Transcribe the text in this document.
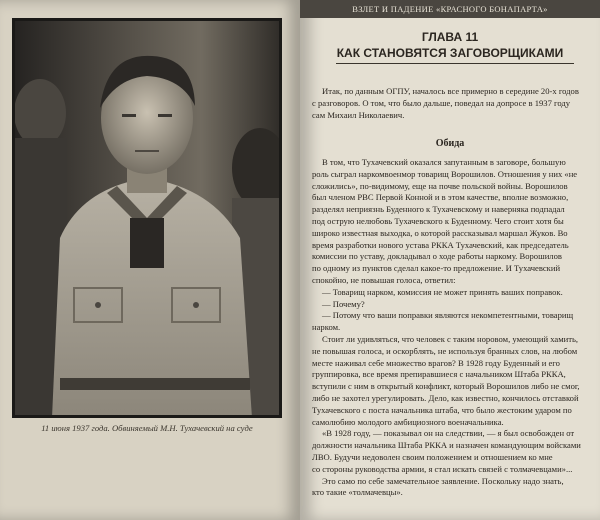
11 июня 1937 года. Обвиняемый М.Н. Тухачевский на суде
ВЗЛЕТ И ПАДЕНИЕ «КРАСНОГО БОНАПАРТА»
ГЛАВА 11
КАК СТАНОВЯТСЯ ЗАГОВОРЩИКАМИ
Итак, по данным ОГПУ, началось все примерно в середине 20-х годов
с разговоров. О том, что было дальше, поведал на допросе в 1937 году
сам Михаил Николаевич.
Обида
В том, что Тухачевский оказался запутанным в заговоре, большую
роль сыграл наркомвоенмор товарищ Ворошилов. Отношения у них «не
сложились», по-видимому, еще на почве польской войны. Ворошилов
был членом РВС Первой Конной и в этом качестве, вполне возможно,
разделял неприязнь Буденного к Тухачевскому и наверняка подпадал
под острую нелюбовь Тухачевского к Буденному. Чего стоит хотя бы
широко известная выходка, о которой рассказывал маршал Жуков. Во
время разработки нового устава РККА Тухачевский, как председатель
комиссии по уставу, докладывал о ходе работы наркому. Ворошилов
по одному из пунктов сделал какое-то предложение. И Тухачевский
спокойно, не повышая голоса, ответил:
— Товарищ нарком, комиссия не может принять ваших поправок.
— Почему?
— Потому что ваши поправки являются некомпетентными, товарищ
нарком.
Стоит ли удивляться, что человек с таким норовом, умеющий хамить,
не повышая голоса, и оскорблять, не используя бранных слов, на любом
месте наживал себе множество врагов? В 1928 году Буденный и его
группировка, все время препиравшиеся с начальником Штаба РККА,
вступили с ним в открытый конфликт, который Ворошилов либо не смог,
либо не захотел урегулировать. Дело, как известно, кончилось отставкой
Тухачевского с поста начальника штаба, что было жестоким ударом по
самолюбию молодого амбициозного военачальника.
«В 1928 году, — показывал он на следствии, — я был освобожден от
должности начальника Штаба РККА и назначен командующим войсками
ЛВО. Будучи недоволен своим положением и отношением ко мне
со стороны руководства армии, я стал искать связей с толмачевцами»...
Это само по себе замечательное заявление. Поскольку надо знать,
кто такие «толмачевцы».
